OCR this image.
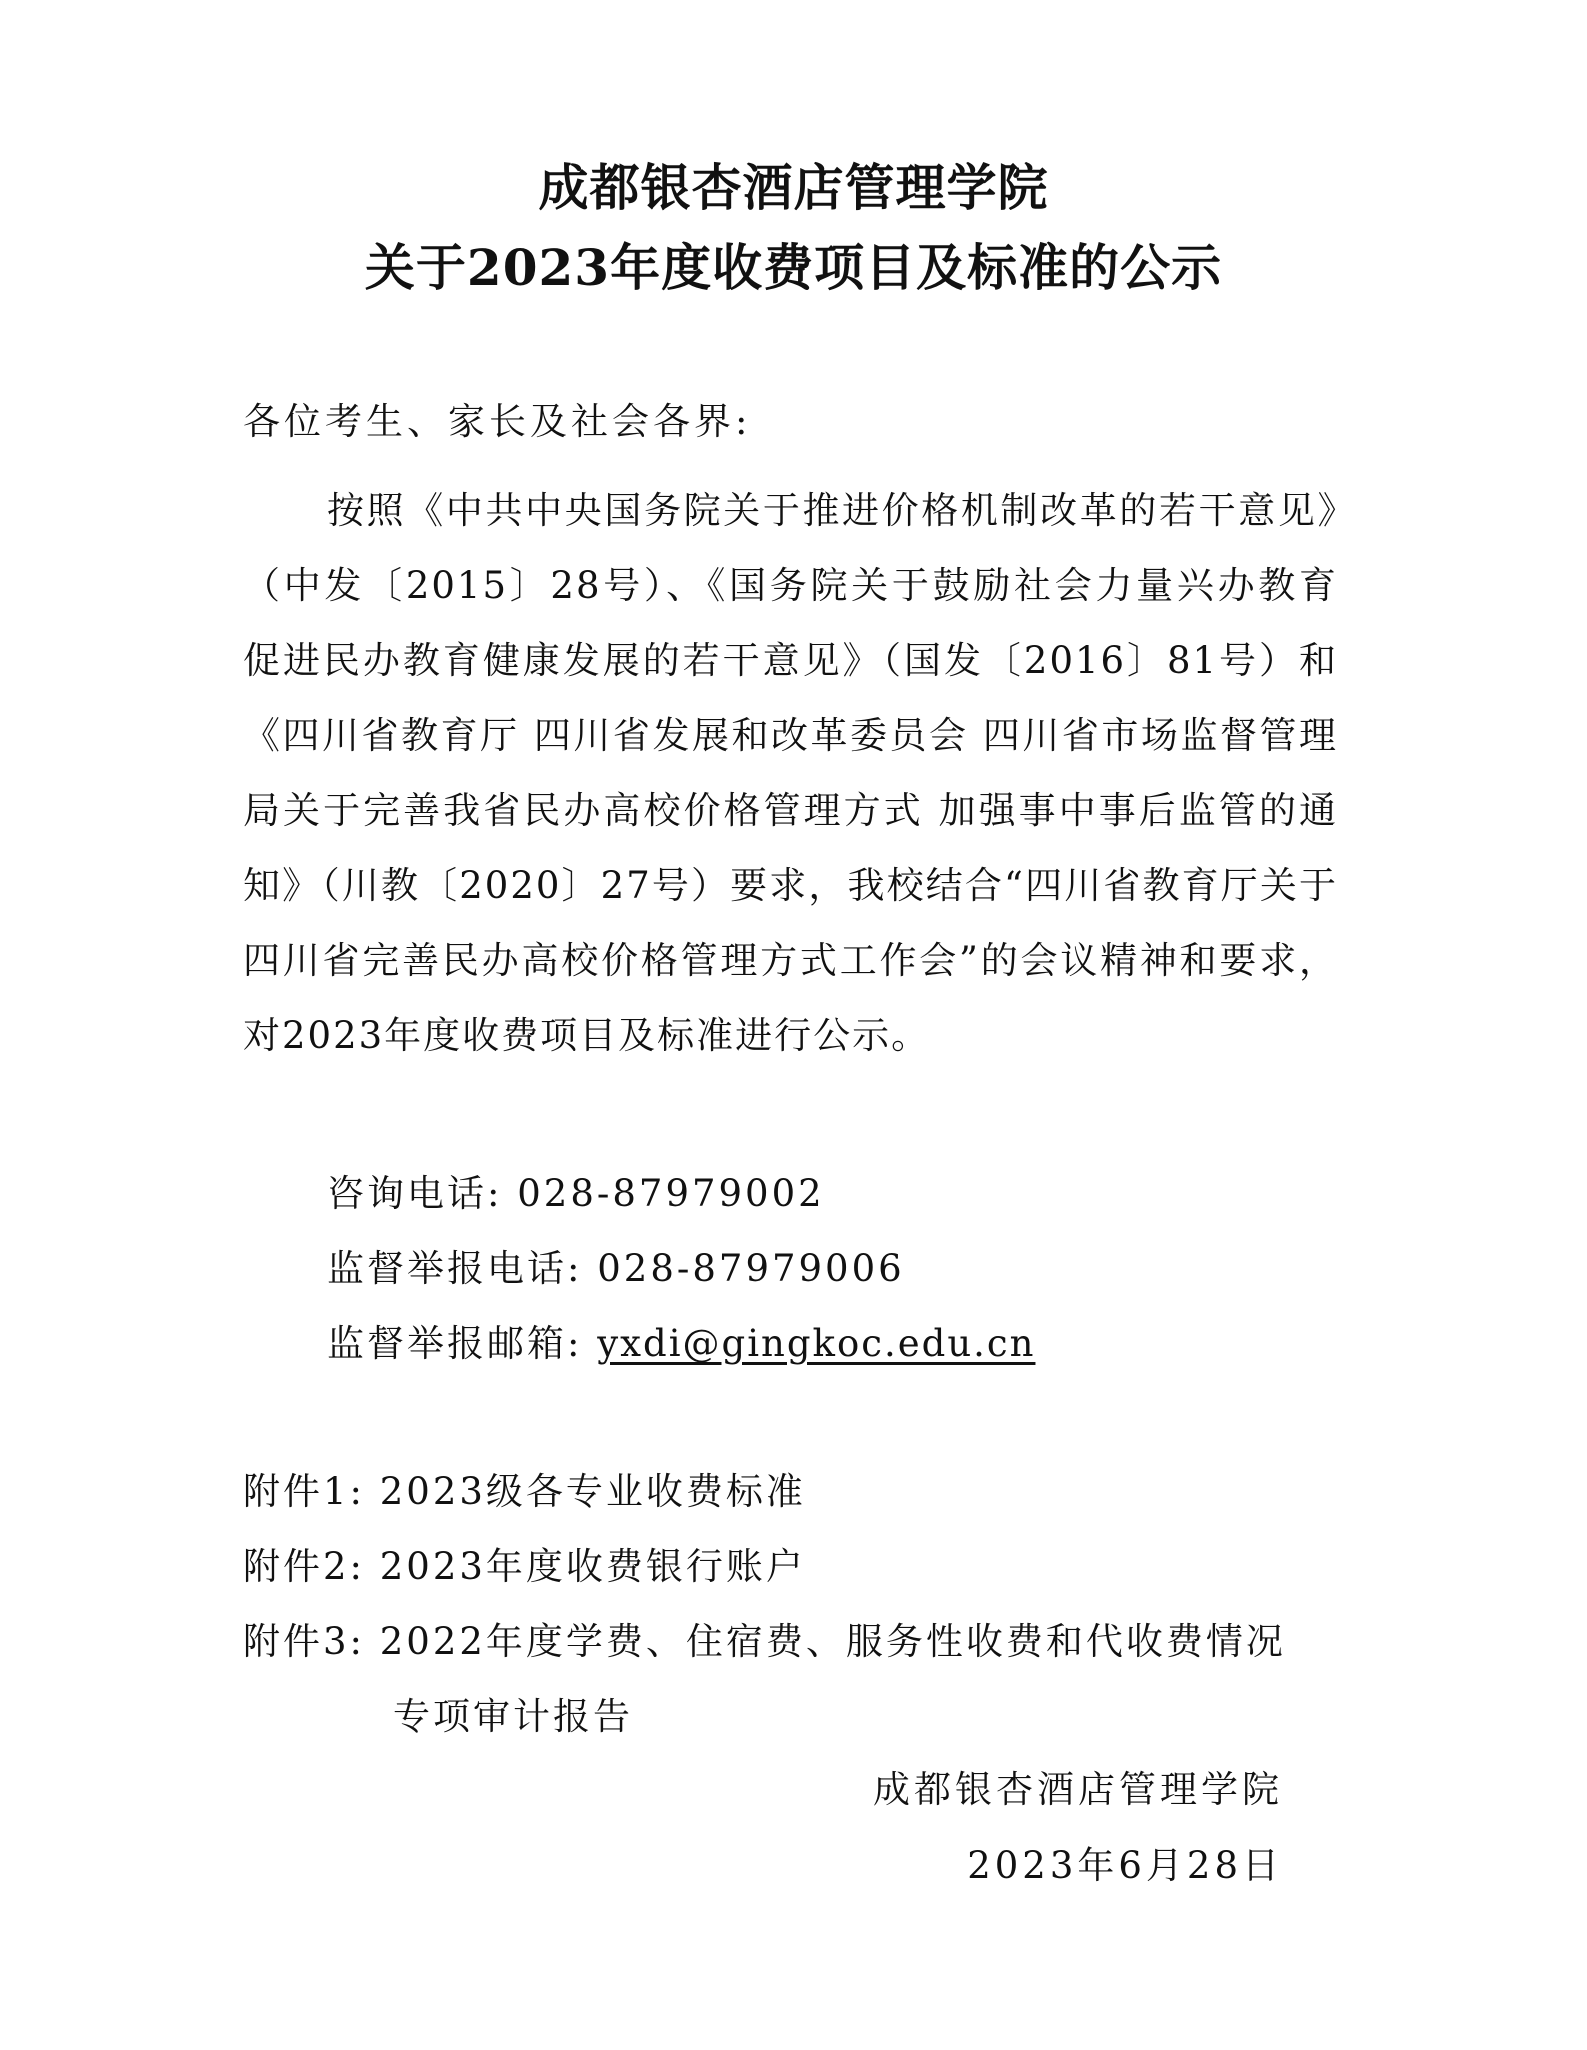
成都银杏酒店管理学院
关于2023年度收费项目及标准的公示
各位考生、家长及社会各界:
按照《中共中央国务院关于推进价格机制改革的若干意见》（中发〔2015〕28号）、《国务院关于鼓励社会力量兴办教育 促进民办教育健康发展的若干意见》（国发〔2016〕81号）和《四川省教育厅 四川省发展和改革委员会 四川省市场监督管理局关于完善我省民办高校价格管理方式 加强事中事后监管的通知》（川教〔2020〕27号）要求，我校结合“四川省教育厅关于四川省完善民办高校价格管理方式工作会”的会议精神和要求，对2023年度收费项目及标准进行公示。
咨询电话: 028-87979002
监督举报电话: 028-87979006
监督举报邮箱: yxdi@gingkoc.edu.cn
附件1: 2023级各专业收费标准
附件2: 2023年度收费银行账户
附件3: 2022年度学费、住宿费、服务性收费和代收费情况
专项审计报告
成都银杏酒店管理学院
2023年6月28日
